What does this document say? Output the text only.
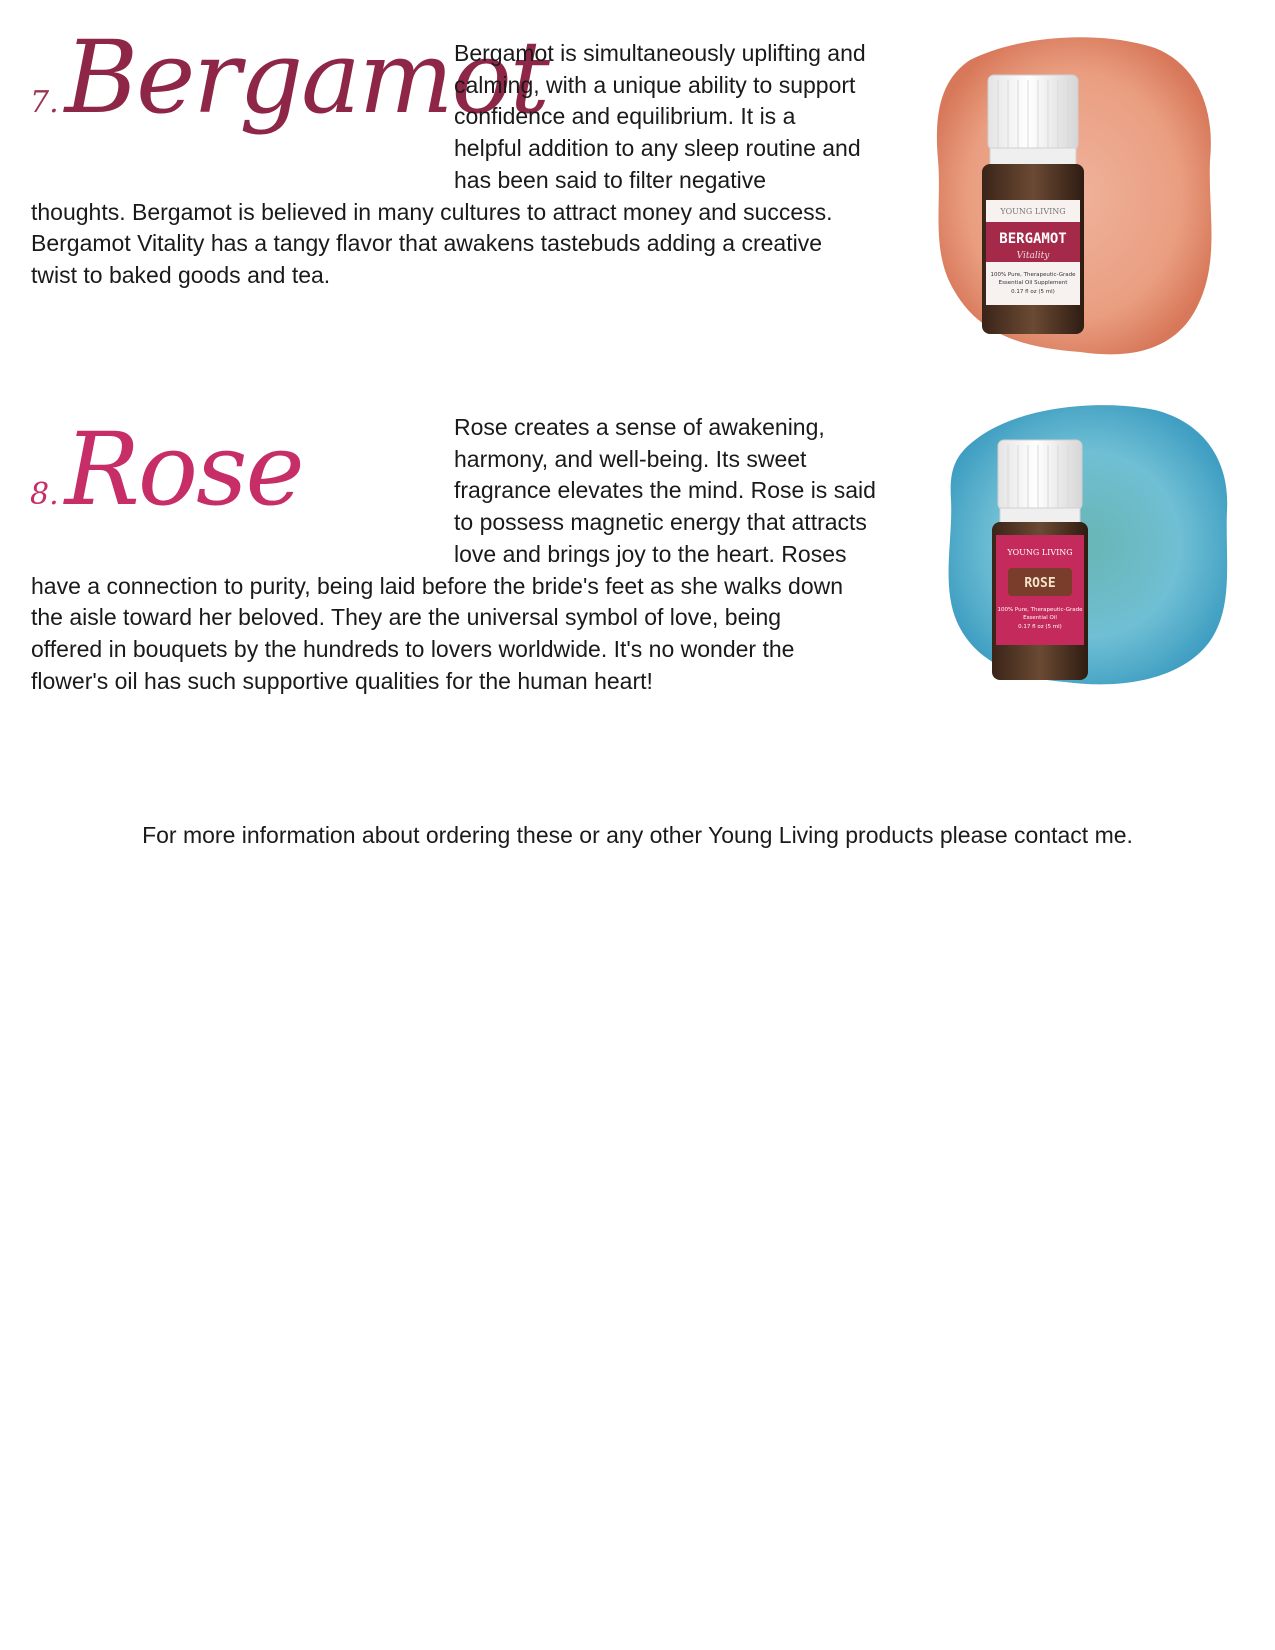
7. Bergamot

Bergamot is simultaneously uplifting and
calming, with a unique ability to support
confidence and equilibrium. It is a
helpful addition to any sleep routine and
has been said to filter negative
thoughts. Bergamot is believed in many cultures to attract money and success.
Bergamot Vitality has a tangy flavor that awakens tastebuds adding a creative
twist to baked goods and tea.

YOUNG LIVING
BERGAMOT
Vitality
100% Pure, Therapeutic-Grade
Essential Oil Supplement
0.17 fl oz (5 ml)
8. Rose	Rose creates a sense of awakening,
harmony, and well-being. Its sweet
fragrance elevates the mind. Rose is said
to possess magnetic energy that attracts
love and brings joy to the heart. Roses
have a connection to purity, being laid before the bride's feet as she walks down
the aisle toward her beloved. They are the universal symbol of love, being
offered in bouquets by the hundreds to lovers worldwide. It's no wonder the
flower's oil has such supportive qualities for the human heart!

YOUNG LIVING
ROSE
100% Pure, Therapeutic-Grade
Essential Oil
0.17 fl oz (5 ml)

For more information about ordering these or any other Young Living products please contact me.
